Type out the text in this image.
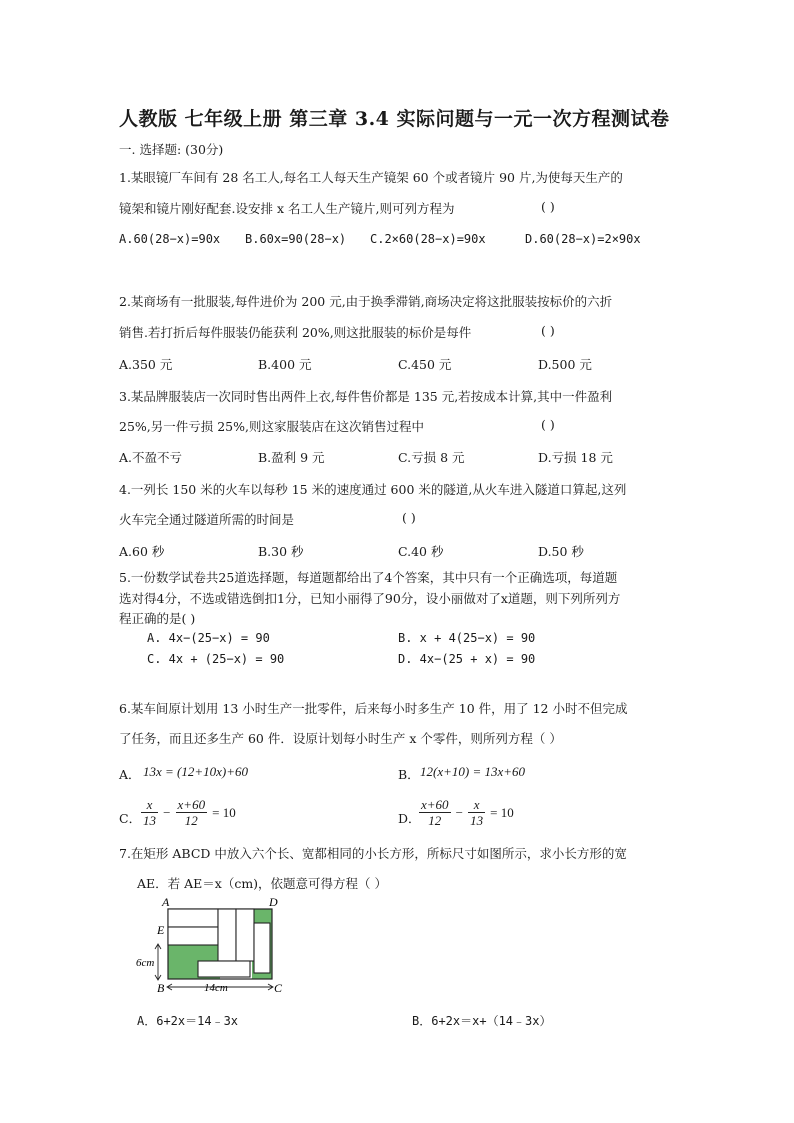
人教版 七年级上册 第三章 3.4 实际问题与一元一次方程测试卷
一. 选择题: (30分)
1.某眼镜厂车间有 28 名工人,每名工人每天生产镜架 60 个或者镜片 90 片,为使每天生产的
镜架和镜片刚好配套.设安排 x 名工人生产镜片,则可列方程为	( )
A.60(28−x)=90x B.60x=90(28−x) C.2×60(28−x)=90x	D.60(28−x)=2×90x
2.某商场有一批服装,每件进价为 200 元,由于换季滞销,商场决定将这批服装按标价的六折
销售.若打折后每件服装仍能获利 20%,则这批服装的标价是每件	( )
A.350 元	B.400 元	C.450 元	D.500 元
3.某品牌服装店一次同时售出两件上衣,每件售价都是 135 元,若按成本计算,其中一件盈利
25%,另一件亏损 25%,则这家服装店在这次销售过程中	( )
A.不盈不亏	B.盈利 9 元	C.亏损 8 元	D.亏损 18 元
4.一列长 150 米的火车以每秒 15 米的速度通过 600 米的隧道,从火车进入隧道口算起,这列
火车完全通过隧道所需的时间是	( )
A.60 秒	B.30 秒	C.40 秒	D.50 秒
5.一份数学试卷共25道选择题，每道题都给出了4个答案，其中只有一个正确选项，每道题
选对得4分，不选或错选倒扣1分，已知小丽得了90分，设小丽做对了x道题，则下列所列方
程正确的是( )
A. 4x−(25−x) = 90	B. x + 4(25−x) = 90
C. 4x + (25−x) = 90	D. 4x−(25 + x) = 90
6.某车间原计划用 13 小时生产一批零件，后来每小时多生产 10 件，用了 12 小时不但完成
了任务，而且还多生产 60 件．设原计划每小时生产 x 个零件，则所列方程（ ）
A． 13x = (12+10x)+60	B． 12(x+10) = 13x+60
C． $\frac{x}{13} - \frac{x+60}{12} = 10$	D．
$\frac{x+60}{12} - \frac{x}{13} = 10$
7.在矩形 ABCD 中放入六个长、宽都相同的小长方形，所标尺寸如图所示，求小长方形的宽
AE．若 AE＝x（cm)，依题意可得方程（ ）
A	D
E
B	C
6cm
14cm
A．6+2x＝14﹣3x	B．6+2x＝x+（14﹣3x）
